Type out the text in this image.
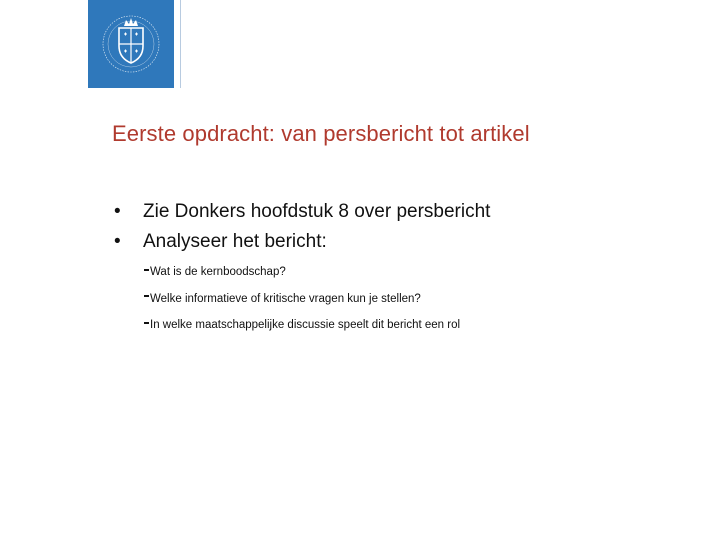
Eerste opdracht: van persbericht tot artikel
• Zie Donkers hoofdstuk 8 over persbericht
• Analyseer het bericht:
Wat is de kernboodschap?
Welke informatieve of kritische vragen kun je stellen?
In welke maatschappelijke discussie speelt dit bericht een rol
